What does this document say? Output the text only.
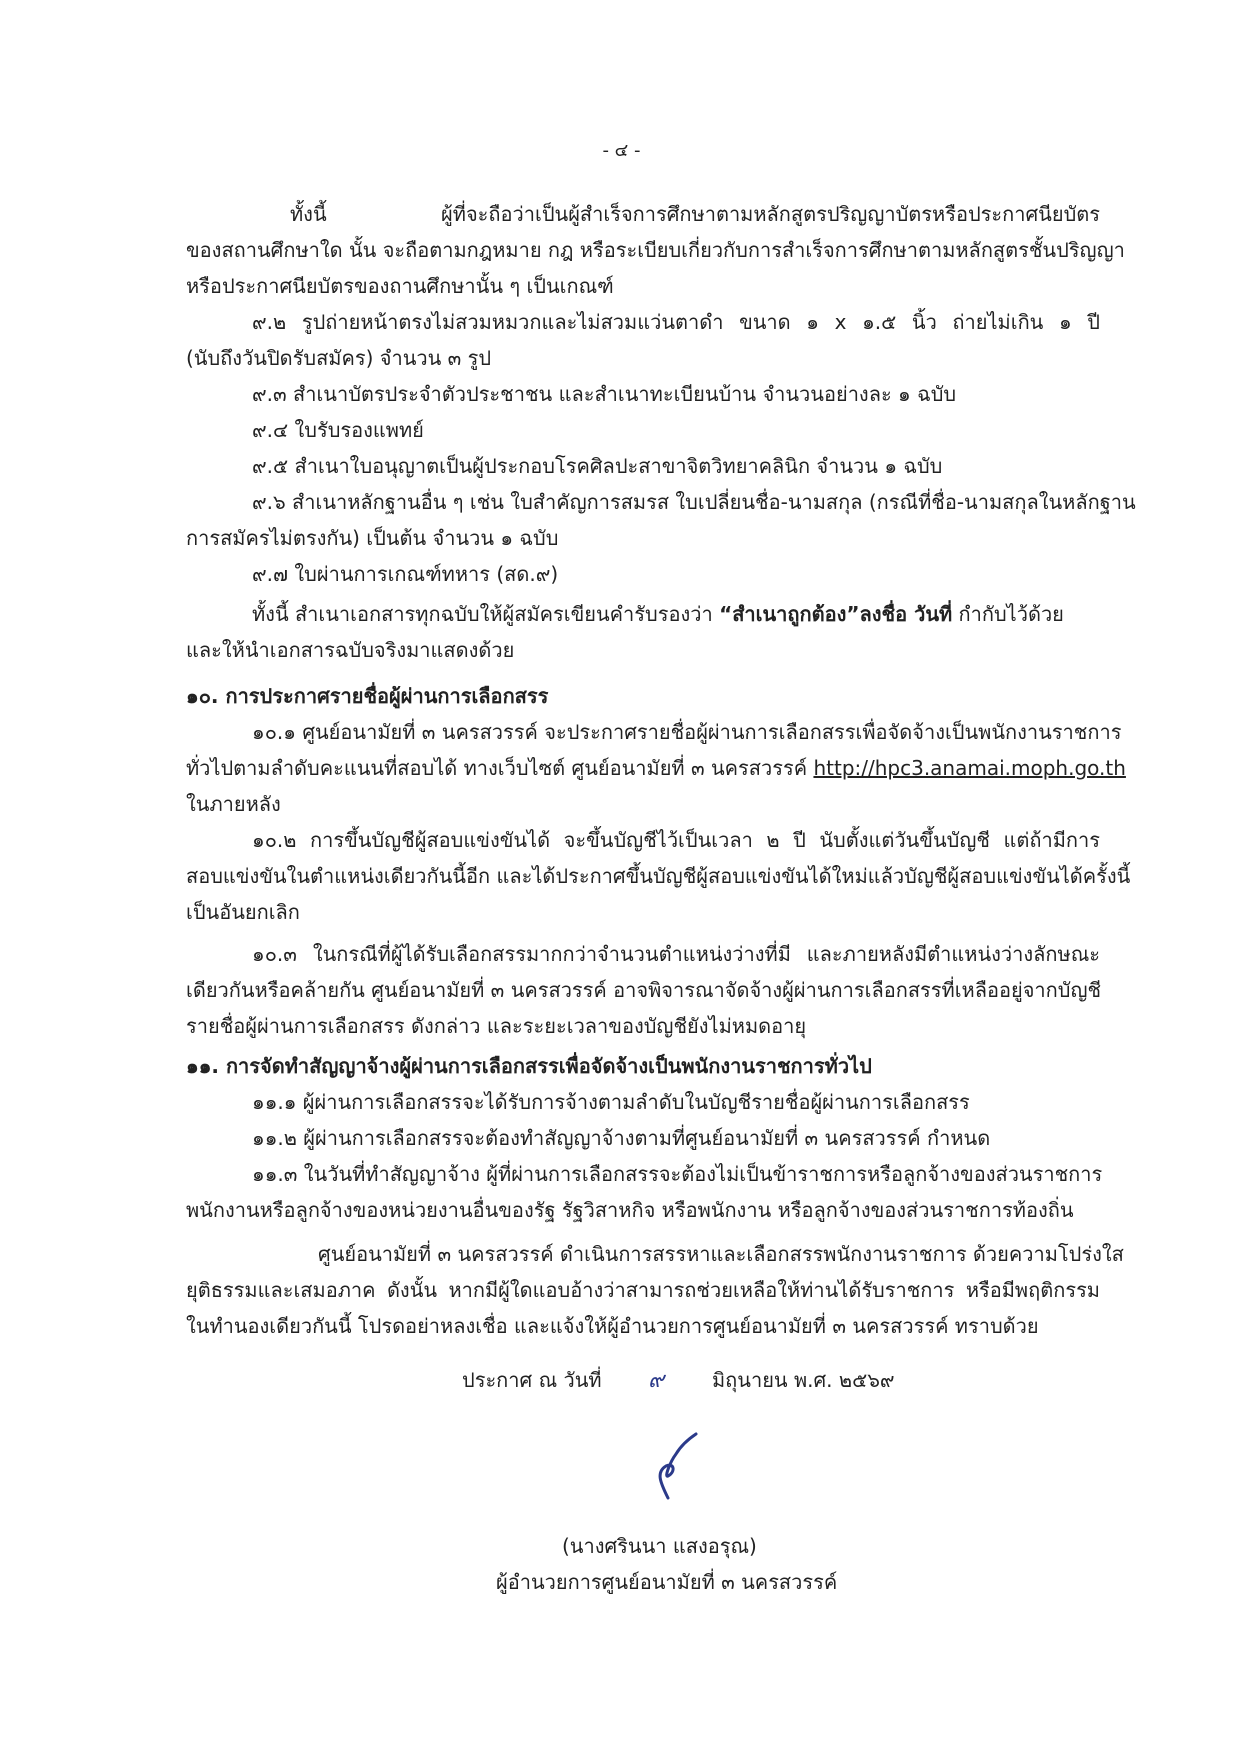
- ๔ -
ทั้งนี้ ผู้ที่จะถือว่าเป็นผู้สำเร็จการศึกษาตามหลักสูตรปริญญาบัตรหรือประกาศนียบัตร
ของสถานศึกษาใด นั้น จะถือตามกฎหมาย กฎ หรือระเบียบเกี่ยวกับการสำเร็จการศึกษาตามหลักสูตรชั้นปริญญา
หรือประกาศนียบัตรของถานศึกษานั้น ๆ เป็นเกณฑ์
๙.๒ รูปถ่ายหน้าตรงไม่สวมหมวกและไม่สวมแว่นตาดำ ขนาด ๑ x ๑.๕ นิ้ว ถ่ายไม่เกิน ๑ ปี
(นับถึงวันปิดรับสมัคร) จำนวน ๓ รูป
๙.๓ สำเนาบัตรประจำตัวประชาชน และสำเนาทะเบียนบ้าน จำนวนอย่างละ ๑ ฉบับ
๙.๔ ใบรับรองแพทย์
๙.๕ สำเนาใบอนุญาตเป็นผู้ประกอบโรคศิลปะสาขาจิตวิทยาคลินิก จำนวน ๑ ฉบับ
๙.๖ สำเนาหลักฐานอื่น ๆ เช่น ใบสำคัญการสมรส ใบเปลี่ยนชื่อ-นามสกุล (กรณีที่ชื่อ-นามสกุลในหลักฐาน
การสมัครไม่ตรงกัน) เป็นต้น จำนวน ๑ ฉบับ
๙.๗ ใบผ่านการเกณฑ์ทหาร (สด.๙)
ทั้งนี้ สำเนาเอกสารทุกฉบับให้ผู้สมัครเขียนคำรับรองว่า “สำเนาถูกต้อง”ลงชื่อ วันที่ กำกับไว้ด้วย
และให้นำเอกสารฉบับจริงมาแสดงด้วย
๑๐. การประกาศรายชื่อผู้ผ่านการเลือกสรร
๑๐.๑ ศูนย์อนามัยที่ ๓ นครสวรรค์ จะประกาศรายชื่อผู้ผ่านการเลือกสรรเพื่อจัดจ้างเป็นพนักงานราชการ
ทั่วไปตามลำดับคะแนนที่สอบได้ ทางเว็บไซต์ ศูนย์อนามัยที่ ๓ นครสวรรค์ http://hpc3.anamai.moph.go.th
ในภายหลัง
๑๐.๒ การขึ้นบัญชีผู้สอบแข่งขันได้ จะขึ้นบัญชีไว้เป็นเวลา ๒ ปี นับตั้งแต่วันขึ้นบัญชี แต่ถ้ามีการ
สอบแข่งขันในตำแหน่งเดียวกันนี้อีก และได้ประกาศขึ้นบัญชีผู้สอบแข่งขันได้ใหม่แล้วบัญชีผู้สอบแข่งขันได้ครั้งนี้
เป็นอันยกเลิก
๑๐.๓ ในกรณีที่ผู้ได้รับเลือกสรรมากกว่าจำนวนตำแหน่งว่างที่มี และภายหลังมีตำแหน่งว่างลักษณะ
เดียวกันหรือคล้ายกัน ศูนย์อนามัยที่ ๓ นครสวรรค์ อาจพิจารณาจัดจ้างผู้ผ่านการเลือกสรรที่เหลืออยู่จากบัญชี
รายชื่อผู้ผ่านการเลือกสรร ดังกล่าว และระยะเวลาของบัญชียังไม่หมดอายุ
๑๑. การจัดทำสัญญาจ้างผู้ผ่านการเลือกสรรเพื่อจัดจ้างเป็นพนักงานราชการทั่วไป
๑๑.๑ ผู้ผ่านการเลือกสรรจะได้รับการจ้างตามลำดับในบัญชีรายชื่อผู้ผ่านการเลือกสรร
๑๑.๒ ผู้ผ่านการเลือกสรรจะต้องทำสัญญาจ้างตามที่ศูนย์อนามัยที่ ๓ นครสวรรค์ กำหนด
๑๑.๓ ในวันที่ทำสัญญาจ้าง ผู้ที่ผ่านการเลือกสรรจะต้องไม่เป็นข้าราชการหรือลูกจ้างของส่วนราชการ
พนักงานหรือลูกจ้างของหน่วยงานอื่นของรัฐ รัฐวิสาหกิจ หรือพนักงาน หรือลูกจ้างของส่วนราชการท้องถิ่น
ศูนย์อนามัยที่ ๓ นครสวรรค์ ดำเนินการสรรหาและเลือกสรรพนักงานราชการ ด้วยความโปร่งใส
ยุติธรรมและเสมอภาค ดังนั้น หากมีผู้ใดแอบอ้างว่าสามารถช่วยเหลือให้ท่านได้รับราชการ หรือมีพฤติกรรม
ในทำนองเดียวกันนี้ โปรดอย่าหลงเชื่อ และแจ้งให้ผู้อำนวยการศูนย์อนามัยที่ ๓ นครสวรรค์ ทราบด้วย
ประกาศ ณ วันที่ ๙ มิถุนายน พ.ศ. ๒๕๖๙
(นางศรินนา แสงอรุณ)
ผู้อำนวยการศูนย์อนามัยที่ ๓ นครสวรรค์
